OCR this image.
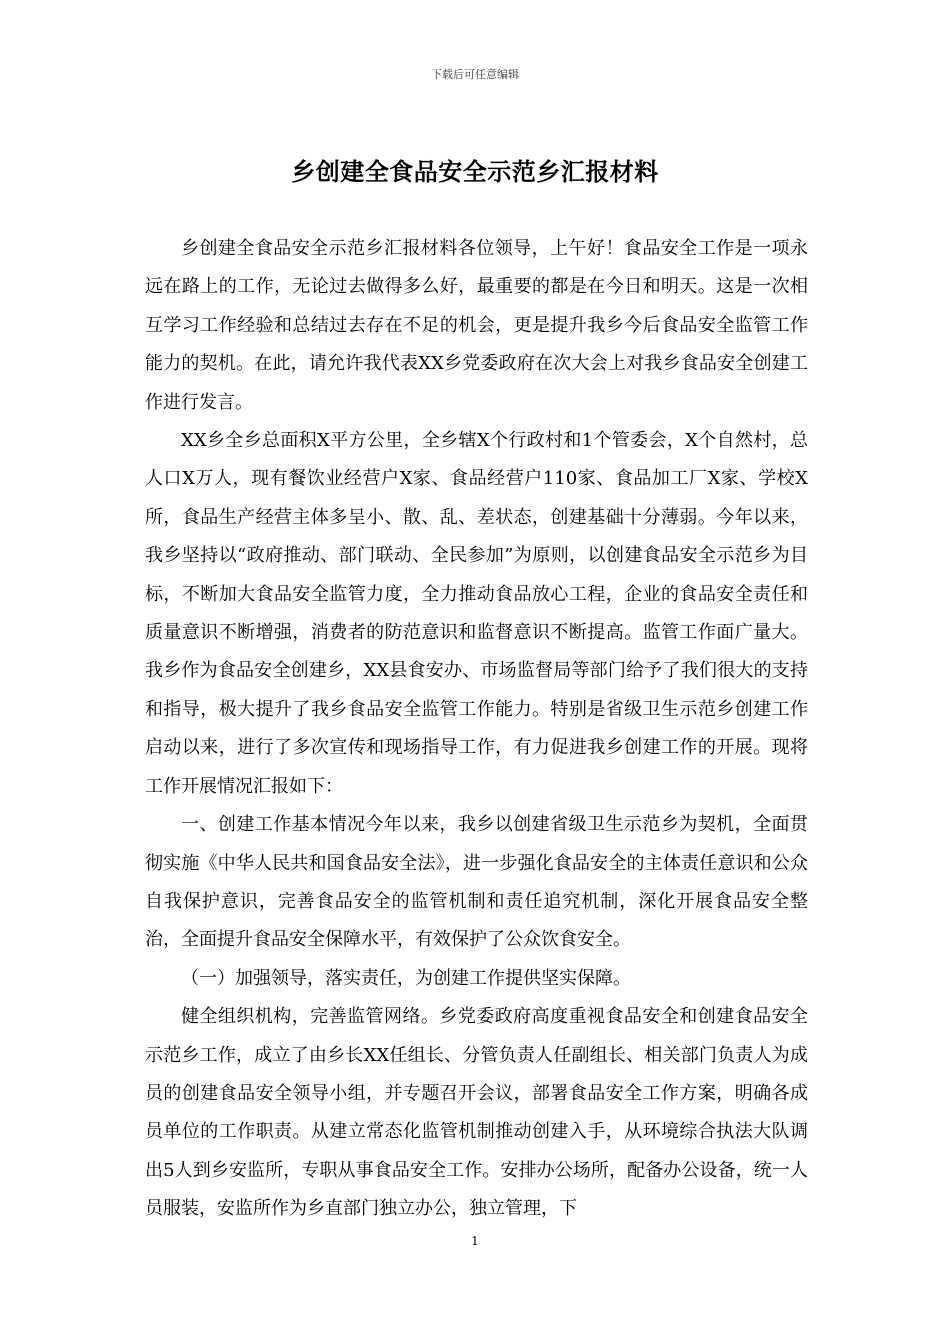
下载后可任意编辑
乡创建全食品安全示范乡汇报材料

乡创建全食品安全示范乡汇报材料各位领导，上午好！食品安全工作是一项永远在路上的工作，无论过去做得多么好，最重要的都是在今日和明天。这是一次相互学习工作经验和总结过去存在不足的机会，更是提升我乡今后食品安全监管工作能力的契机。在此，请允许我代表XX乡党委政府在次大会上对我乡食品安全创建工作进行发言。

XX乡全乡总面积X平方公里，全乡辖X个行政村和1个管委会，X个自然村，总人口X万人，现有餐饮业经营户X家、食品经营户110家、食品加工厂X家、学校X所，食品生产经营主体多呈小、散、乱、差状态，创建基础十分薄弱。今年以来，我乡坚持以“政府推动、部门联动、全民参加”为原则，以创建食品安全示范乡为目标，不断加大食品安全监管力度，全力推动食品放心工程，企业的食品安全责任和质量意识不断增强，消费者的防范意识和监督意识不断提高。监管工作面广量大。我乡作为食品安全创建乡，XX县食安办、市场监督局等部门给予了我们很大的支持和指导，极大提升了我乡食品安全监管工作能力。特别是省级卫生示范乡创建工作启动以来，进行了多次宣传和现场指导工作，有力促进我乡创建工作的开展。现将工作开展情况汇报如下：

一、创建工作基本情况今年以来，我乡以创建省级卫生示范乡为契机，全面贯彻实施《中华人民共和国食品安全法》，进一步强化食品安全的主体责任意识和公众自我保护意识，完善食品安全的监管机制和责任追究机制，深化开展食品安全整治，全面提升食品安全保障水平，有效保护了公众饮食安全。

（一）加强领导，落实责任，为创建工作提供坚实保障。

健全组织机构，完善监管网络。乡党委政府高度重视食品安全和创建食品安全示范乡工作，成立了由乡长XX任组长、分管负责人任副组长、相关部门负责人为成员的创建食品安全领导小组，并专题召开会议，部署食品安全工作方案，明确各成员单位的工作职责。从建立常态化监管机制推动创建入手，从环境综合执法大队调出5人到乡安监所，专职从事食品安全工作。安排办公场所，配备办公设备，统一人员服装，安监所作为乡直部门独立办公，独立管理，下

1
